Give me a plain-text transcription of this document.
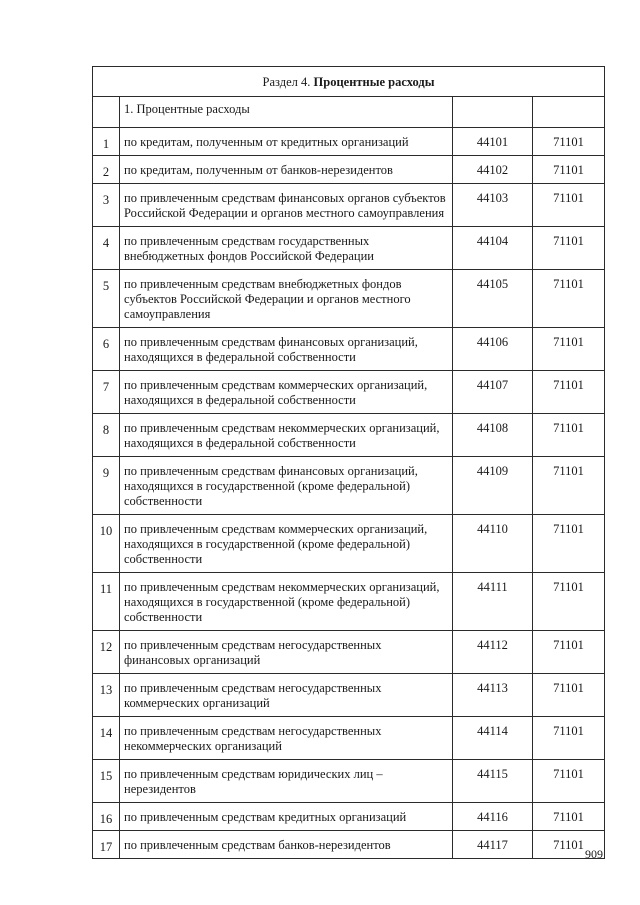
Раздел 4. Процентные расходы			
	1. Процентные расходы		
1	по кредитам, полученным от кредитных организаций	44101	71101
2	по кредитам, полученным от банков-нерезидентов	44102	71101
3	по привлеченным средствам финансовых органов субъектов Российской Федерации и органов местного самоуправления	44103	71101
4	по привлеченным средствам государственных внебюджетных фондов Российской Федерации	44104	71101
5	по привлеченным средствам внебюджетных фондов субъектов Российской Федерации и органов местного самоуправления	44105	71101
6	по привлеченным средствам финансовых организаций, находящихся в федеральной собственности	44106	71101
7	по привлеченным средствам коммерческих организаций, находящихся в федеральной собственности	44107	71101
8	по привлеченным средствам некоммерческих организаций, находящихся в федеральной собственности	44108	71101
9	по привлеченным средствам финансовых организаций, находящихся в государственной (кроме федеральной) собственности	44109	71101
10	по привлеченным средствам коммерческих организаций, находящихся в государственной (кроме федеральной) собственности	44110	71101
11	по привлеченным средствам некоммерческих организаций, находящихся в государственной (кроме федеральной) собственности	44111	71101
12	по привлеченным средствам негосударственных финансовых организаций	44112	71101
13	по привлеченным средствам негосударственных коммерческих организаций	44113	71101
14	по привлеченным средствам негосударственных некоммерческих организаций	44114	71101
15	по привлеченным средствам юридических лиц – нерезидентов	44115	71101
16	по привлеченным средствам кредитных организаций	44116	71101
17	по привлеченным средствам банков-нерезидентов	44117	71101
909
